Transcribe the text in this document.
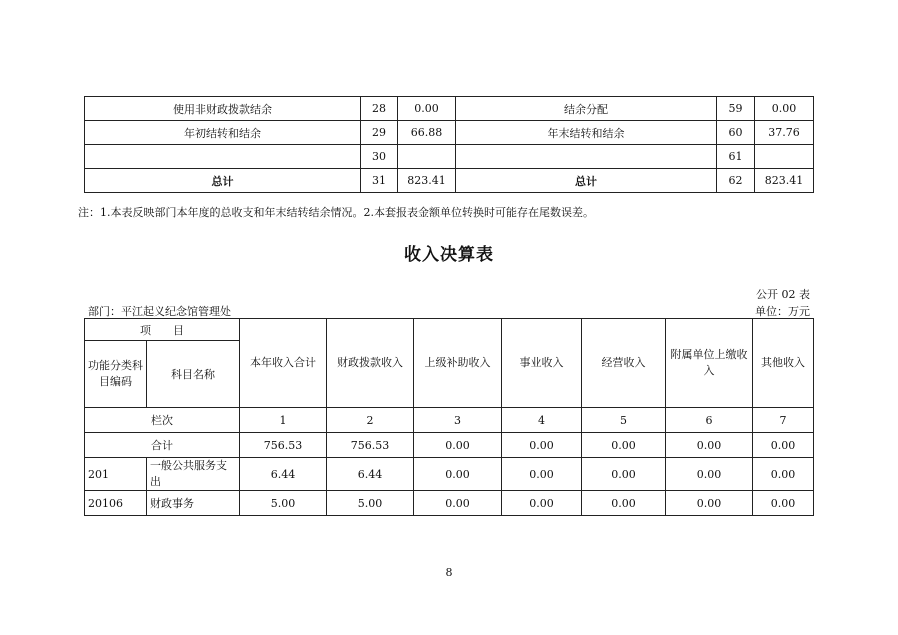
使用非财政拨款结余	28	0.00	结余分配	59	0.00
年初结转和结余	29	66.88	年末结转和结余	60	37.76
	30			61	
总计	31	823.41	总计	62	823.41
注：1.本表反映部门本年度的总收支和年末结转结余情况。2.本套报表金额单位转换时可能存在尾数误差。
收入决算表
公开 02 表
部门：平江起义纪念馆管理处	单位：万元
项　　目		本年收入合计	财政拨款收入	上级补助收入	事业收入	经营收入	附属单位上缴收入	其他收入
功能分类科目编码	科目名称							
栏次		1	2	3	4	5	6	7
合计		756.53	756.53	0.00	0.00	0.00	0.00	0.00
201	一般公共服务支出	6.44	6.44	0.00	0.00	0.00	0.00	0.00
20106	财政事务	5.00	5.00	0.00	0.00	0.00	0.00	0.00
8
